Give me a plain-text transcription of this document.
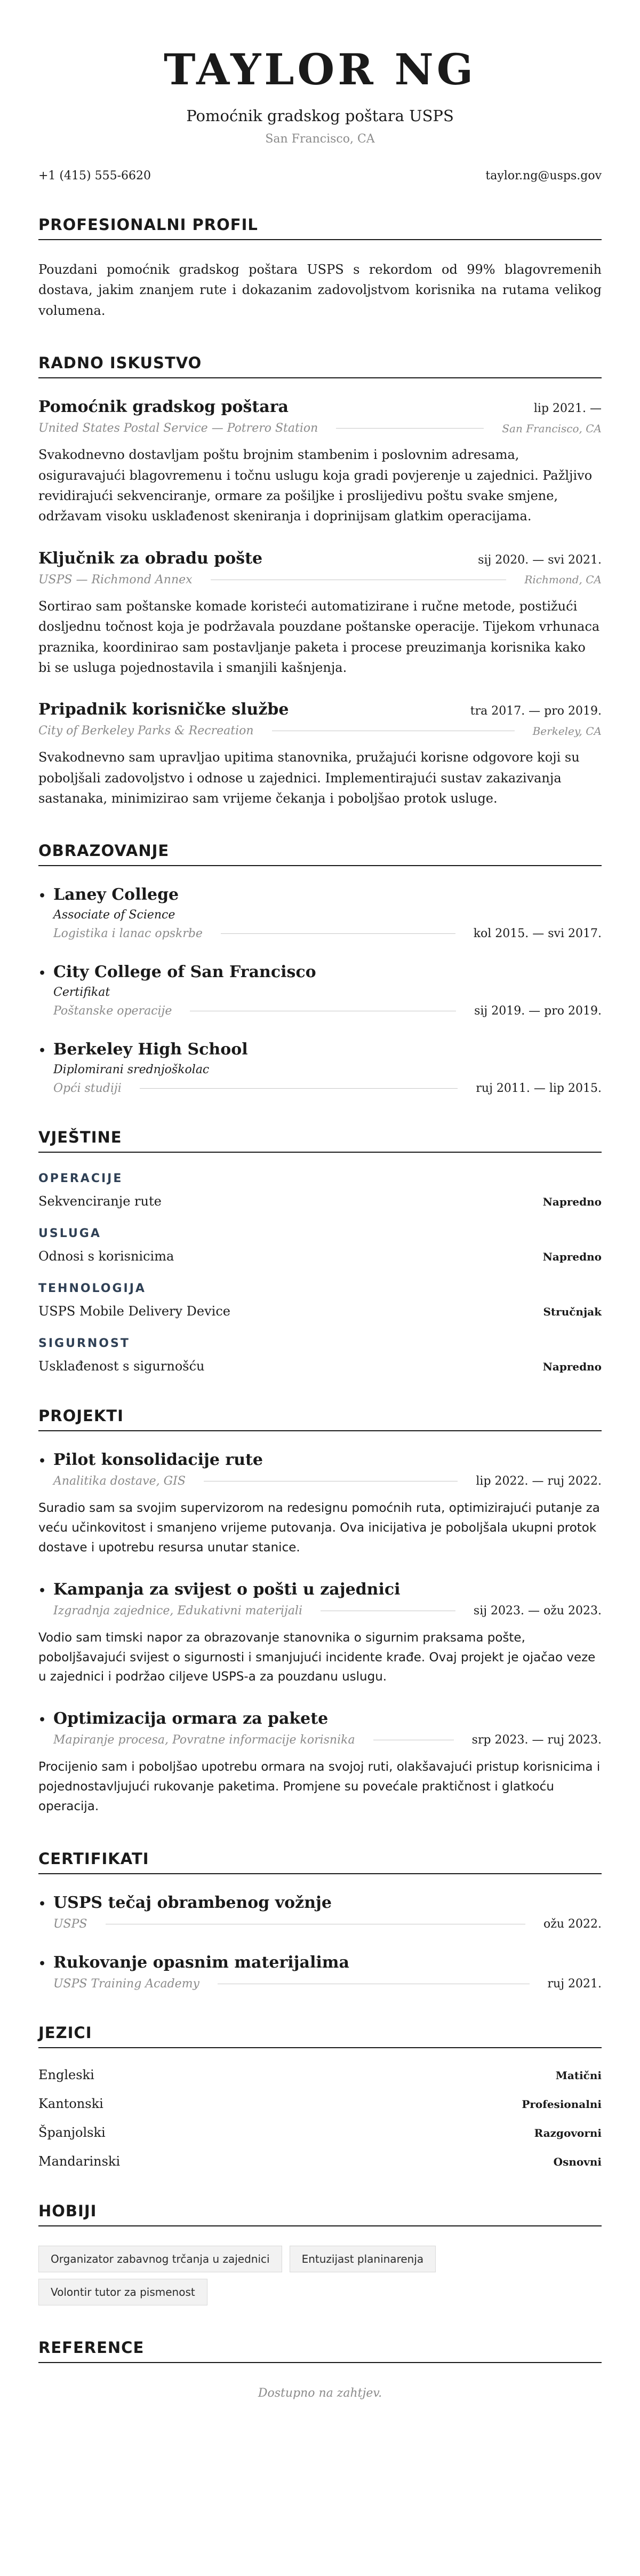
TAYLOR NG
Pomoćnik gradskog poštara USPS
San Francisco, CA
+1 (415) 555-6620	taylor.ng@usps.gov
PROFESIONALNI PROFIL

Pouzdani pomoćnik gradskog poštara USPS s rekordom od 99% blagovremenih dostava, jakim znanjem rute i dokazanim zadovoljstvom korisnika na rutama velikog volumena.

RADNO ISKUSTVO
Pomoćnik gradskog poštara	lip 2021. —
United States Postal Service — Potrero Station	San Francisco, CA
Svakodnevno dostavljam poštu brojnim stambenim i poslovnim adresama, osiguravajući blagovremenu i točnu uslugu koja gradi povjerenje u zajednici. Pažljivo revidirajući sekvenciranje, ormare za pošiljke i proslijedivu poštu svake smjene, održavam visoku usklađenost skeniranja i doprinijsam glatkim operacijama.
Ključnik za obradu pošte	sij 2020. — svi 2021.
USPS — Richmond Annex	Richmond, CA
Sortirao sam poštanske komade koristeći automatizirane i ručne metode, postižući dosljednu točnost koja je podržavala pouzdane poštanske operacije. Tijekom vrhunaca praznika, koordinirao sam postavljanje paketa i procese preuzimanja korisnika kako bi se usluga pojednostavila i smanjili kašnjenja.
Pripadnik korisničke službe	tra 2017. — pro 2019.
City of Berkeley Parks & Recreation	Berkeley, CA
Svakodnevno sam upravljao upitima stanovnika, pružajući korisne odgovore koji su poboljšali zadovoljstvo i odnose u zajednici. Implementirajući sustav zakazivanja sastanaka, minimizirao sam vrijeme čekanja i poboljšao protok usluge.
OBRAZOVANJE
• Laney College
Associate of Science
Logistika i lanac opskrbe	kol 2015. — svi 2017.
• City College of San Francisco
Certifikat
Poštanske operacije	sij 2019. — pro 2019.
• Berkeley High School
Diplomirani srednjoškolac
Opći studiji	ruj 2011. — lip 2015.
VJEŠTINE
OPERACIJE
Sekvenciranje rute	Napredno
USLUGA
Odnosi s korisnicima	Napredno
TEHNOLOGIJA
USPS Mobile Delivery Device	Stručnjak
SIGURNOST
Usklađenost s sigurnošću	Napredno
PROJEKTI
• Pilot konsolidacije rute
Analitika dostave, GIS	lip 2022. — ruj 2022.
Suradio sam sa svojim supervizorom na redesignu pomoćnih ruta, optimizirajući putanje za veću učinkovitost i smanjeno vrijeme putovanja. Ova inicijativa je poboljšala ukupni protok dostave i upotrebu resursa unutar stanice.
• Kampanja za svijest o pošti u zajednici
Izgradnja zajednice, Edukativni materijali	sij 2023. — ožu 2023.
Vodio sam timski napor za obrazovanje stanovnika o sigurnim praksama pošte, poboljšavajući svijest o sigurnosti i smanjujući incidente krađe. Ovaj projekt je ojačao veze u zajednici i podržao ciljeve USPS-a za pouzdanu uslugu.
• Optimizacija ormara za pakete
Mapiranje procesa, Povratne informacije korisnika	srp 2023. — ruj 2023.
Procijenio sam i poboljšao upotrebu ormara na svojoj ruti, olakšavajući pristup korisnicima i pojednostavljujući rukovanje paketima. Promjene su povećale praktičnost i glatkoću operacija.
CERTIFIKATI
• USPS tečaj obrambenog vožnje
USPS	ožu 2022.
• Rukovanje opasnim materijalima
USPS Training Academy	ruj 2021.
JEZICI
Engleski	Matični
Kantonski	Profesionalni
Španjolski	Razgovorni
Mandarinski	Osnovni
HOBIJI
Organizator zabavnog trčanja u zajednici	Entuzijast planinarenja
Volontir tutor za pismenost
REFERENCE
Dostupno na zahtjev.
